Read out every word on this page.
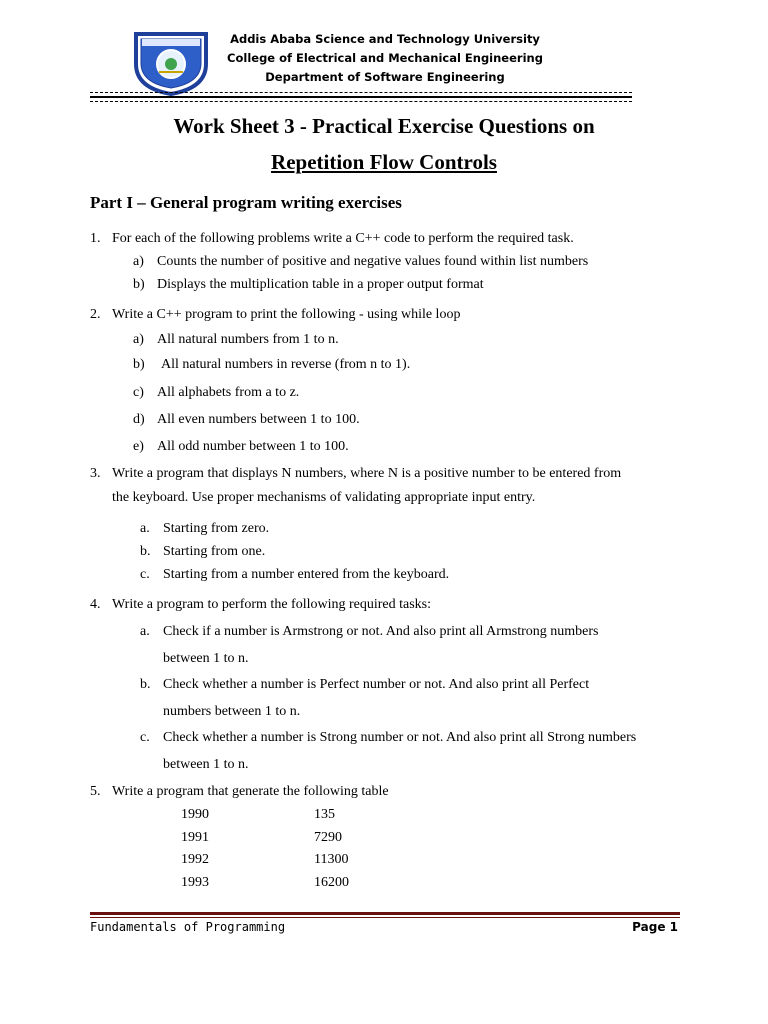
Addis Ababa Science and Technology University
College of Electrical and Mechanical Engineering
Department of Software Engineering
Work Sheet 3 - Practical Exercise Questions on
Repetition Flow Controls
Part I – General program writing exercises
1. For each of the following problems write a C++ code to perform the required task.
a) Counts the number of positive and negative values found within list numbers
b) Displays the multiplication table in a proper output format
2. Write a C++ program to print the following - using while loop
a) All natural numbers from 1 to n.
b) All natural numbers in reverse (from n to 1).
c) All alphabets from a to z.
d) All even numbers between 1 to 100.
e) All odd number between 1 to 100.
3. Write a program that displays N numbers, where N is a positive number to be entered from
the keyboard. Use proper mechanisms of validating appropriate input entry.
a. Starting from zero.
b. Starting from one.
c. Starting from a number entered from the keyboard.
4. Write a program to perform the following required tasks:
a. Check if a number is Armstrong or not. And also print all Armstrong numbers
between 1 to n.
b. Check whether a number is Perfect number or not. And also print all Perfect
numbers between 1 to n.
c. Check whether a number is Strong number or not. And also print all Strong numbers
between 1 to n.
5. Write a program that generate the following table
1990	135
1991	7290
1992	11300
1993	16200
Fundamentals of Programming	Page 1
